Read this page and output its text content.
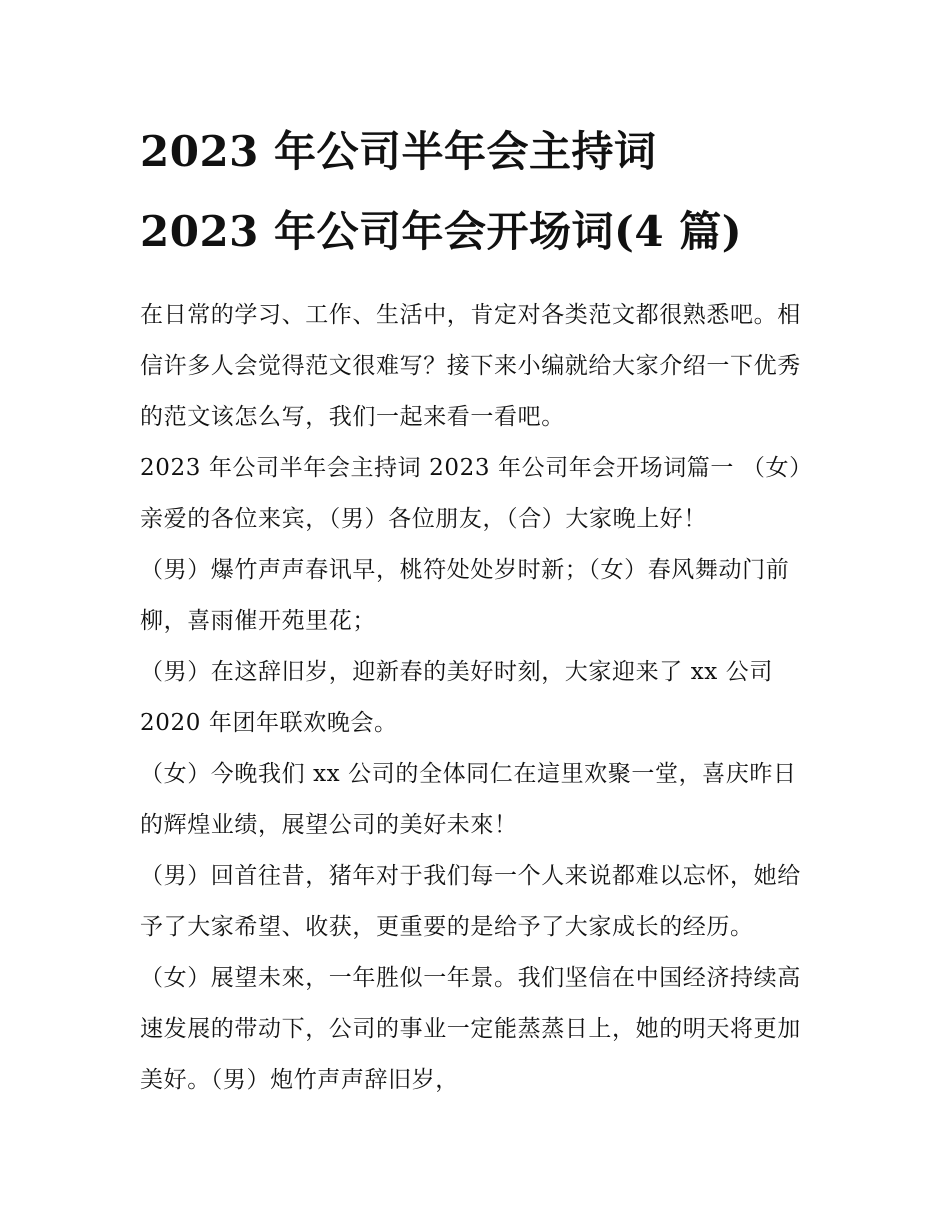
2023 年公司半年会主持词
2023 年公司年会开场词(4 篇)

在日常的学习、工作、生活中，肯定对各类范文都很熟悉吧。相信许多人会觉得范文很难写？接下来小编就给大家介绍一下优秀的范文该怎么写，我们一起来看一看吧。

2023 年公司半年会主持词 2023 年公司年会开场词篇一 （女）亲爱的各位来宾，（男）各位朋友，（合）大家晚上好！

（男）爆竹声声春讯早，桃符处处岁时新；（女）春风舞动门前柳，喜雨催开苑里花；

（男）在这辞旧岁，迎新春的美好时刻，大家迎来了 xx 公司 2020 年团年联欢晚会。

（女）今晚我们 xx 公司的全体同仁在這里欢聚一堂，喜庆昨日的辉煌业绩，展望公司的美好未來！

（男）回首往昔，猪年对于我们每一个人来说都难以忘怀，她给予了大家希望、收获，更重要的是给予了大家成长的经历。

（女）展望未來，一年胜似一年景。我们坚信在中国经济持续高速发展的带动下，公司的事业一定能蒸蒸日上，她的明天将更加美好。（男）炮竹声声辞旧岁，
